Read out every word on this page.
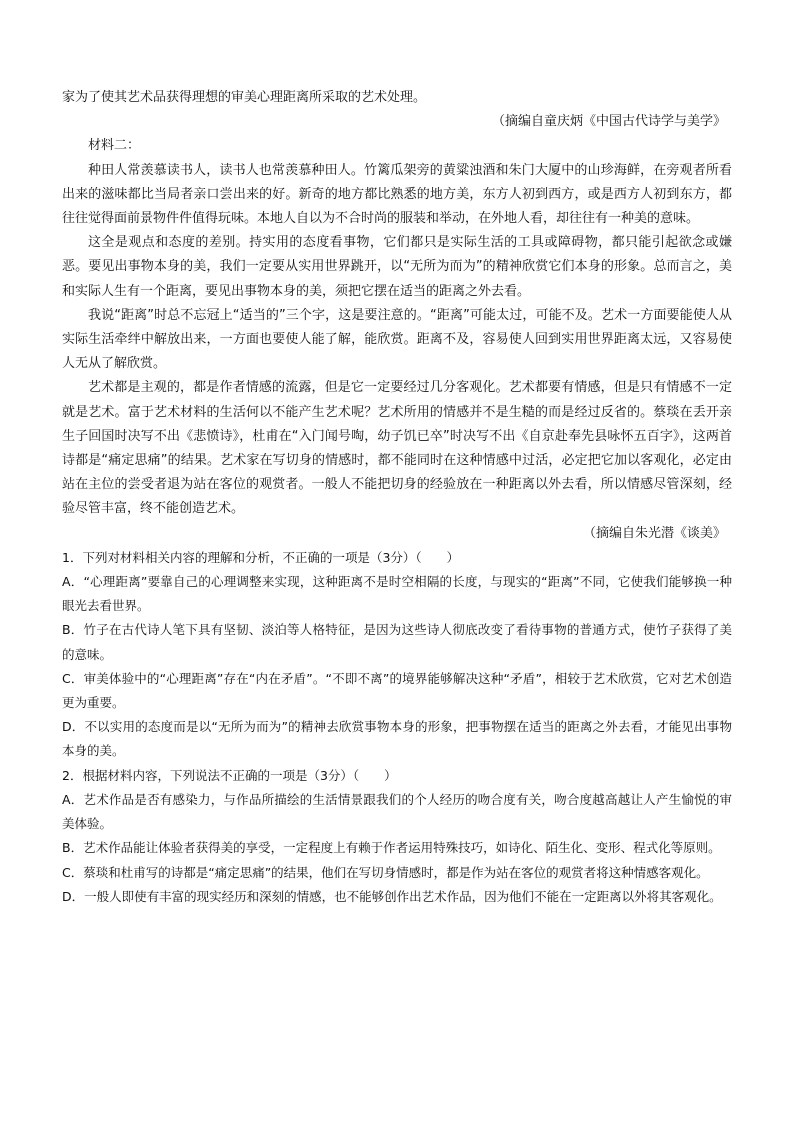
家为了使其艺术品获得理想的审美心理距离所采取的艺术处理。
（摘编自童庆炳《中国古代诗学与美学》
材料二：
种田人常羡慕读书人，读书人也常羡慕种田人。竹篱瓜架旁的黄粱浊酒和朱门大厦中的山珍海鲜，在旁观者所看出来的滋味都比当局者亲口尝出来的好。新奇的地方都比熟悉的地方美，东方人初到西方，或是西方人初到东方，都往往觉得面前景物件件值得玩味。本地人自以为不合时尚的服装和举动，在外地人看，却往往有一种美的意味。
这全是观点和态度的差别。持实用的态度看事物，它们都只是实际生活的工具或障碍物，都只能引起欲念或嫌恶。要见出事物本身的美，我们一定要从实用世界跳开，以“无所为而为”的精神欣赏它们本身的形象。总而言之，美和实际人生有一个距离，要见出事物本身的美，须把它摆在适当的距离之外去看。
我说“距离”时总不忘冠上“适当的”三个字，这是要注意的。“距离”可能太过，可能不及。艺术一方面要能使人从实际生活牵绊中解放出来，一方面也要使人能了解，能欣赏。距离不及，容易使人回到实用世界距离太远，又容易使人无从了解欣赏。
艺术都是主观的，都是作者情感的流露，但是它一定要经过几分客观化。艺术都要有情感，但是只有情感不一定就是艺术。富于艺术材料的生活何以不能产生艺术呢？艺术所用的情感并不是生糙的而是经过反省的。蔡琰在丢开亲生子回国时决写不出《悲愤诗》，杜甫在“入门闻号啕，幼子饥已卒”时决写不出《自京赴奉先县咏怀五百字》，这两首诗都是“痛定思痛”的结果。艺术家在写切身的情感时，都不能同时在这种情感中过活，必定把它加以客观化，必定由站在主位的尝受者退为站在客位的观赏者。一般人不能把切身的经验放在一种距离以外去看，所以情感尽管深刻，经验尽管丰富，终不能创造艺术。
（摘编自朱光潜《谈美》
1．下列对材料相关内容的理解和分析，不正确的一项是（3分）（　　）
A．“心理距离”要靠自己的心理调整来实现，这种距离不是时空相隔的长度，与现实的“距离”不同，它使我们能够换一种眼光去看世界。
B．竹子在古代诗人笔下具有坚韧、淡泊等人格特征，是因为这些诗人彻底改变了看待事物的普通方式，使竹子获得了美的意味。
C．审美体验中的“心理距离”存在“内在矛盾”。“不即不离”的境界能够解决这种“矛盾”，相较于艺术欣赏，它对艺术创造更为重要。
D．不以实用的态度而是以“无所为而为”的精神去欣赏事物本身的形象，把事物摆在适当的距离之外去看，才能见出事物本身的美。
2．根据材料内容，下列说法不正确的一项是（3分）（　　）
A．艺术作品是否有感染力，与作品所描绘的生活情景跟我们的个人经历的吻合度有关，吻合度越高越让人产生愉悦的审美体验。
B．艺术作品能让体验者获得美的享受，一定程度上有赖于作者运用特殊技巧，如诗化、陌生化、变形、程式化等原则。
C．蔡琰和杜甫写的诗都是“痛定思痛”的结果，他们在写切身情感时，都是作为站在客位的观赏者将这种情感客观化。
D．一般人即使有丰富的现实经历和深刻的情感，也不能够创作出艺术作品，因为他们不能在一定距离以外将其客观化。
